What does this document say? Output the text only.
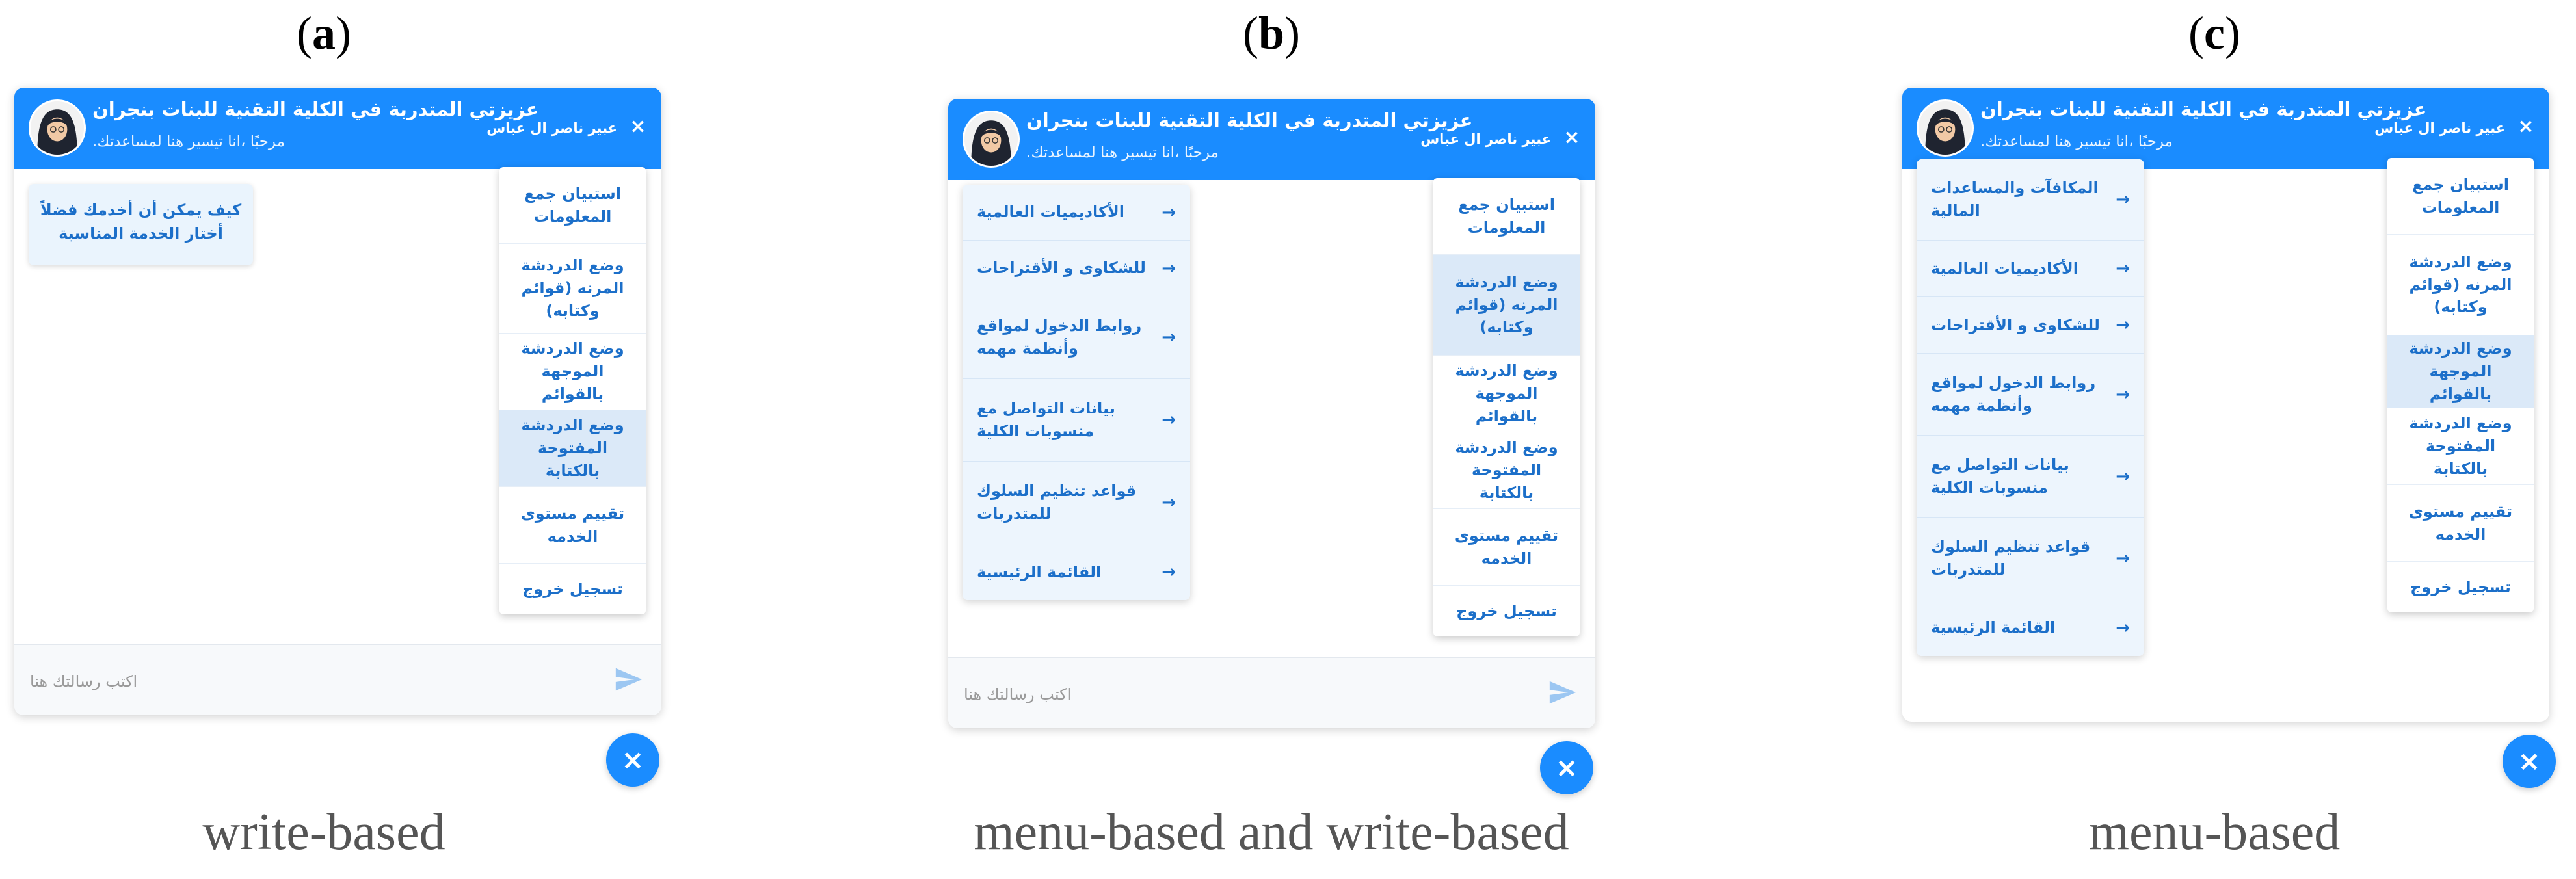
(a)	(b)	(c)
عزيزتي المتدربة في الكلية التقنية للبنات بنجران
.مرحبًا ،انا تيسير هنا لمساعدتك
عبير ناصر ال عباس ×
كيف يمكن أن أخدمك فضلاً أختار الخدمة المناسبة
استبيان جمع المعلومات
وضع الدردشة المرنه (قوائم وكتابه)
وضع الدردشة الموجهة بالقوائم
وضع الدردشة المفتوحة بالكتابة
تقييم مستوى الخدمه
تسجيل خروج
اكتب رسالتك هنا
×
عزيزتي المتدربة في الكلية التقنية للبنات بنجران
.مرحبًا ،انا تيسير هنا لمساعدتك
عبير ناصر ال عباس ×
الأكاديميات العالمية	→
للشكاوى و الأقتراحات →
روابط الدخول لمواقع وأنظمة مهمه
→
بيانات التواصل مع منسوبات الكلية
→
قواعد تنظيم السلوك للمتدربات
→
القائمة الرئيسية	→
استبيان جمع المعلومات
وضع الدردشة المرنه (قوائم وكتابه)
وضع الدردشة الموجهة بالقوائم
وضع الدردشة المفتوحة بالكتابة
تقييم مستوى الخدمه
تسجيل خروج
اكتب رسالتك هنا
×
عزيزتي المتدربة في الكلية التقنية للبنات بنجران
.مرحبًا ،انا تيسير هنا لمساعدتك
عبير ناصر ال عباس ×
المكافآت والمساعدات المالية
→
الأكاديميات العالمية	→
للشكاوى و الأقتراحات →
روابط الدخول لمواقع وأنظمة مهمه
→
بيانات التواصل مع منسوبات الكلية
→
قواعد تنظيم السلوك للمتدربات
→
القائمة الرئيسية	→
استبيان جمع المعلومات
وضع الدردشة المرنه (قوائم وكتابه)
وضع الدردشة الموجهة بالقوائم
وضع الدردشة المفتوحة بالكتابة
تقييم مستوى الخدمه
تسجيل خروج
×
write-based	menu-based and write-based	menu-based
